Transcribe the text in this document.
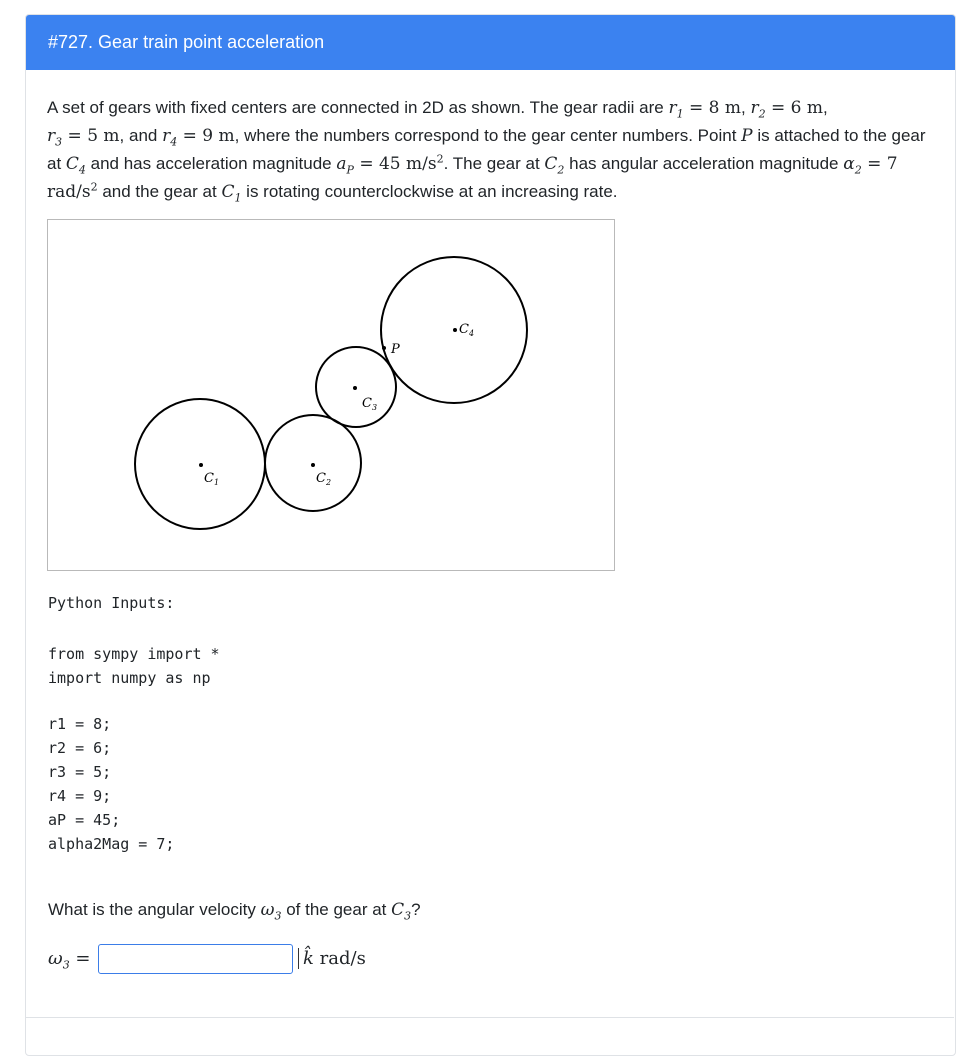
#727. Gear train point acceleration
A set of gears with fixed centers are connected in 2D as shown. The gear radii are $r_1 = 8$ m, $r_2 = 6$ m,
$r_3 = 5$ m, and $r_4 = 9$ m, where the numbers correspond to the gear center numbers. Point P is attached to the gear at $C_4$ and has acceleration magnitude $a_P = 45$ $m/s^2$. The gear at $C_2$ has angular acceleration magnitude $\alpha_2 = 7$ rad/$s^2$ and the gear at $C_1$ is rotating counterclockwise at an increasing rate.
$C_1$	$C_2$
$C_3$
$C_4$
P
Python Inputs:
from sympy import *
import numpy as np
r1 = 8;
r2 = 6;
r3 = 5;
r4 = 9;
aP = 45;
alpha2Mag = 7;
What is the angular velocity $\omega_3$ of the gear at $C_3$?
$\omega_3$ =	k̂ rad/s
